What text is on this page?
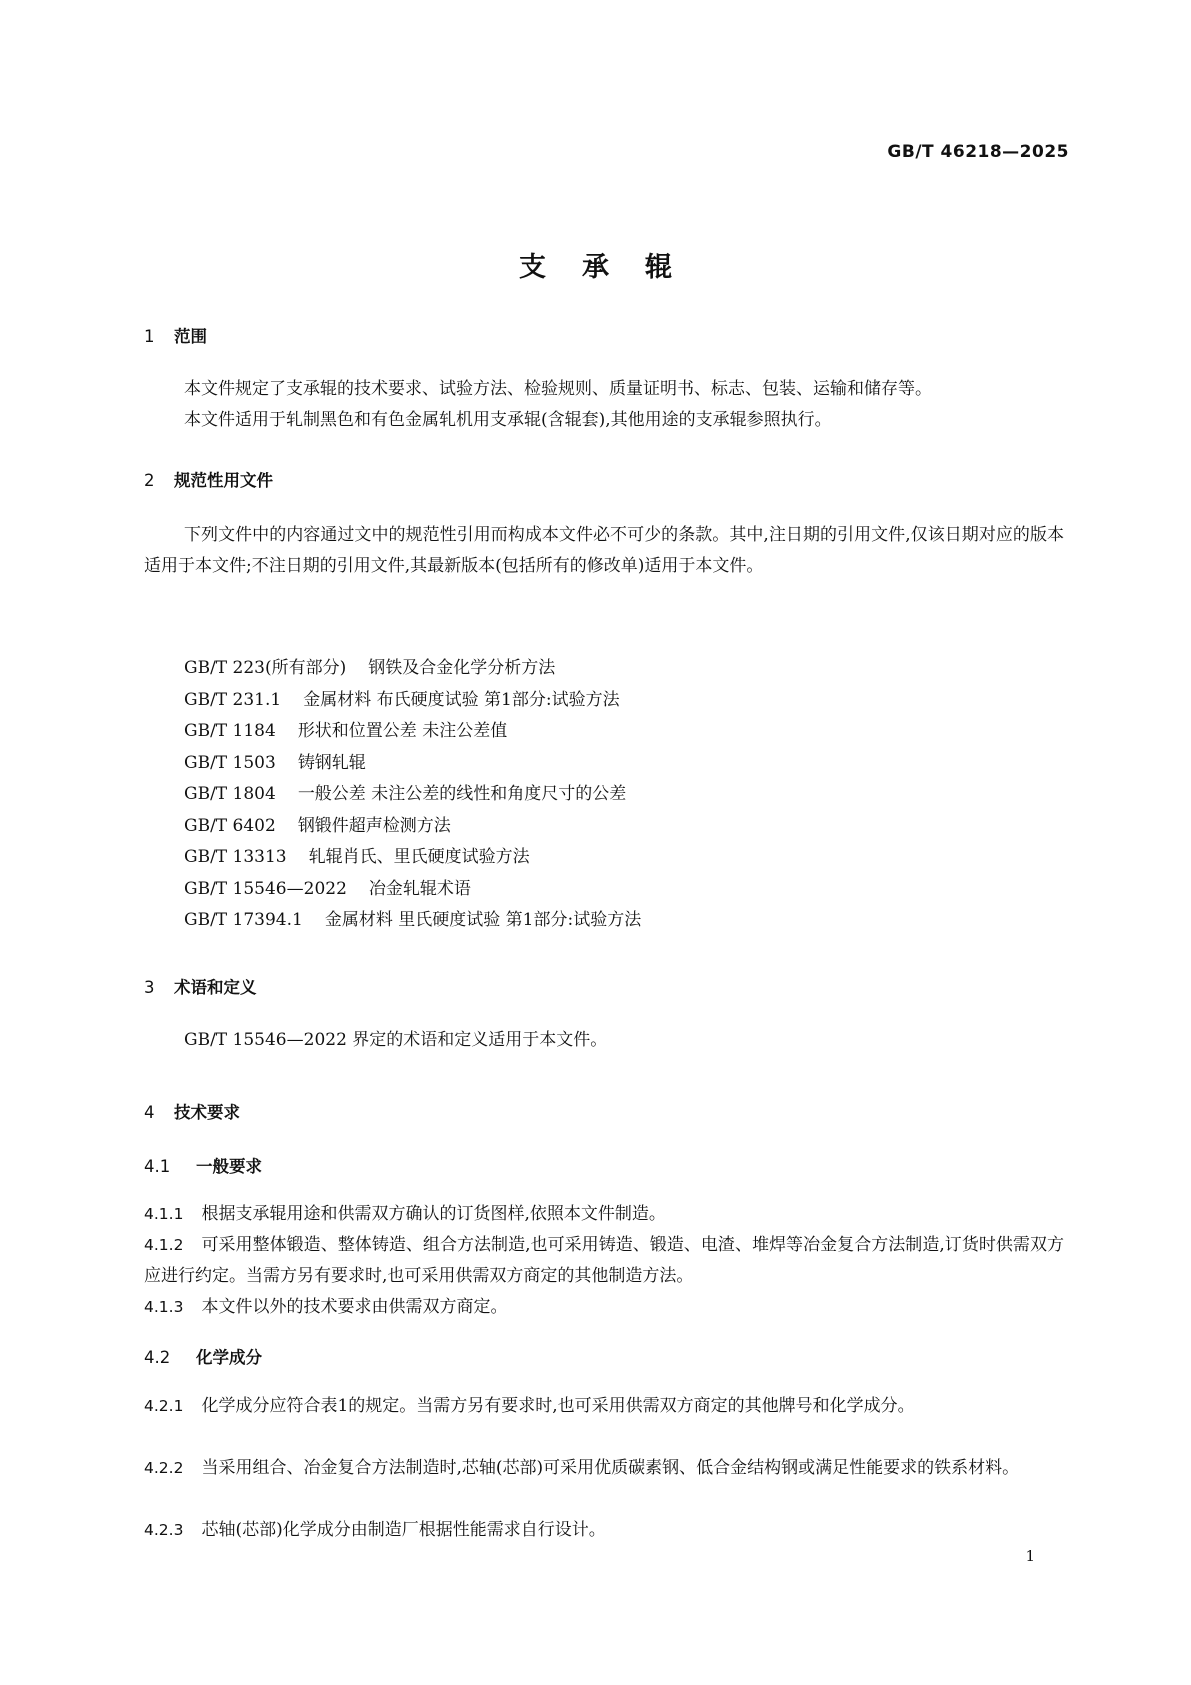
GB/T 46218—2025
支承辊
1 范围
本文件规定了支承辊的技术要求、试验方法、检验规则、质量证明书、标志、包装、运输和储存等。
本文件适用于轧制黑色和有色金属轧机用支承辊(含辊套),其他用途的支承辊参照执行。
2 规范性用文件
下列文件中的内容通过文中的规范性引用而构成本文件必不可少的条款。其中,注日期的引用文件,仅该日期对应的版本适用于本文件;不注日期的引用文件,其最新版本(包括所有的修改单)适用于本文件。
GB/T 223(所有部分) 钢铁及合金化学分析方法
GB/T 231.1 金属材料 布氏硬度试验 第1部分:试验方法
GB/T 1184 形状和位置公差 未注公差值
GB/T 1503 铸钢轧辊
GB/T 1804 一般公差 未注公差的线性和角度尺寸的公差
GB/T 6402 钢锻件超声检测方法
GB/T 13313 轧辊肖氏、里氏硬度试验方法
GB/T 15546—2022 冶金轧辊术语
GB/T 17394.1 金属材料 里氏硬度试验 第1部分:试验方法
3 术语和定义
GB/T 15546—2022 界定的术语和定义适用于本文件。
4 技术要求
4.1 一般要求
4.1.1 根据支承辊用途和供需双方确认的订货图样,依照本文件制造。
4.1.2 可采用整体锻造、整体铸造、组合方法制造,也可采用铸造、锻造、电渣、堆焊等冶金复合方法制造,订货时供需双方应进行约定。当需方另有要求时,也可采用供需双方商定的其他制造方法。
4.1.3 本文件以外的技术要求由供需双方商定。
4.2 化学成分
4.2.1 化学成分应符合表1的规定。当需方另有要求时,也可采用供需双方商定的其他牌号和化学成分。
4.2.2 当采用组合、冶金复合方法制造时,芯轴(芯部)可采用优质碳素钢、低合金结构钢或满足性能要求的铁系材料。
4.2.3 芯轴(芯部)化学成分由制造厂根据性能需求自行设计。
1
